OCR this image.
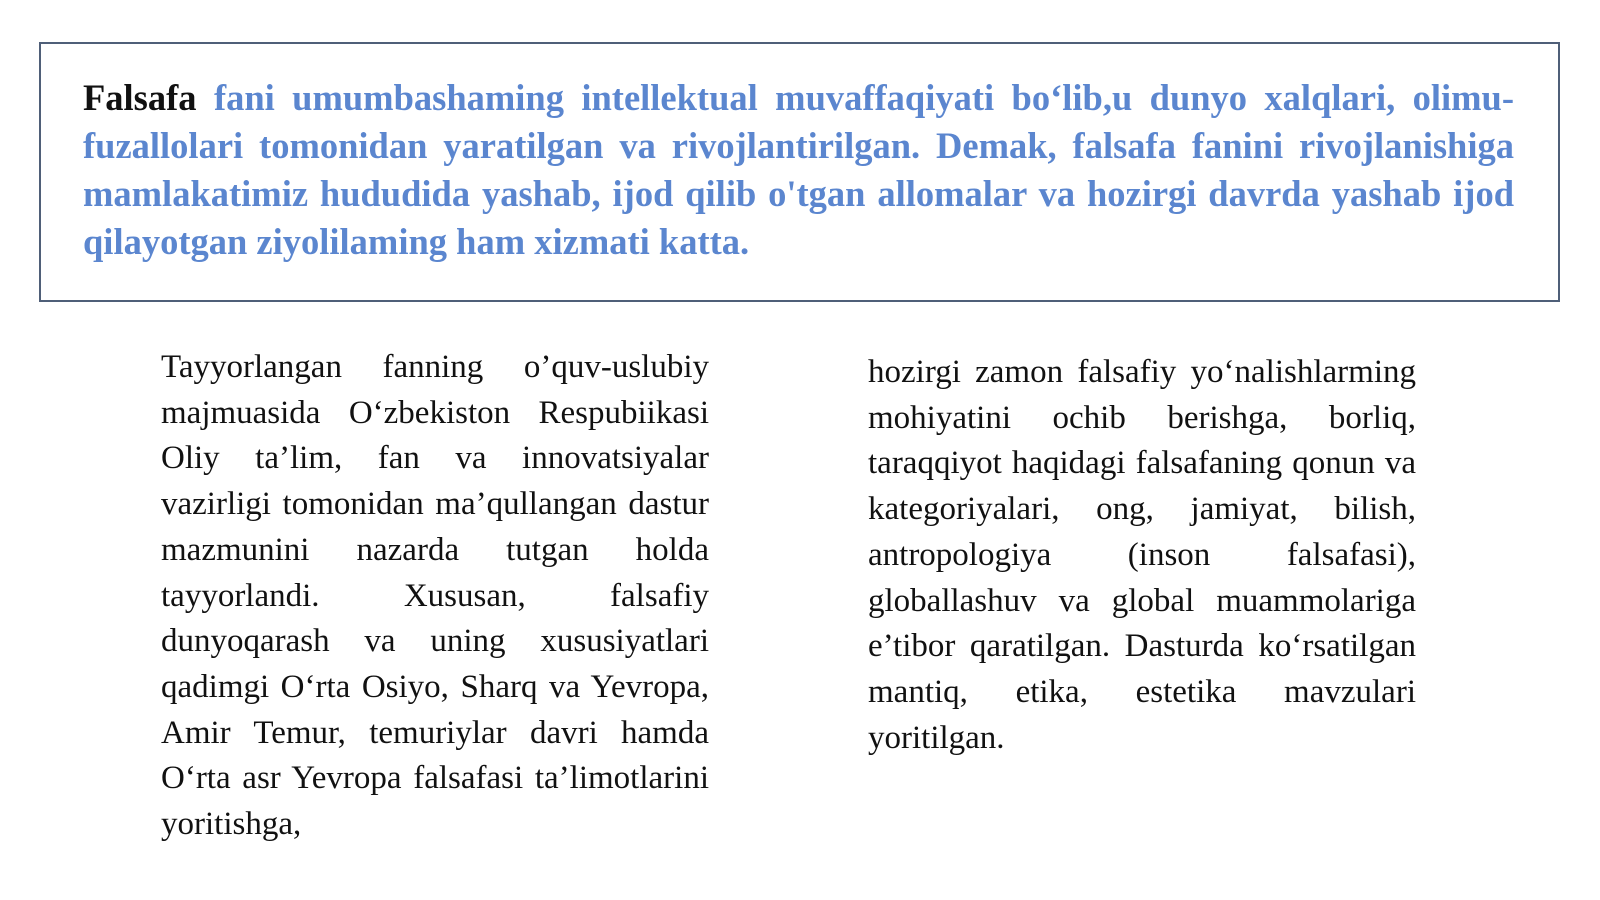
Falsafa fani umumbashaming intellektual muvaffaqiyati bo‘lib,u dunyo xalqlari, olimu-fuzallolari tomonidan yaratilgan va rivojlantirilgan. Demak, falsafa fanini rivojlanishiga mamlakatimiz hududida yashab, ijod qilib o'tgan allomalar va hozirgi davrda yashab ijod qilayotgan ziyolilaming ham xizmati katta.

Tayyorlangan fanning o’quv-uslubiy majmuasida O‘zbekiston Respubiikasi Oliy ta’lim, fan va innovatsiyalar vazirligi tomonidan ma’qullangan dastur mazmunini nazarda tutgan holda tayyorlandi. Xususan, falsafiy dunyoqarash va uning xususiyatlari qadimgi O‘rta Osiyo, Sharq va Yevropa, Amir Temur, temuriylar davri hamda O‘rta asr Yevropa falsafasi ta’limotlarini yoritishga,

hozirgi zamon falsafiy yo‘nalishlarming mohiyatini ochib berishga, borliq, taraqqiyot haqidagi falsafaning qonun va kategoriyalari, ong, jamiyat, bilish, antropologiya (inson falsafasi), globallashuv va global muammolariga e’tibor qaratilgan. Dasturda ko‘rsatilgan mantiq, etika, estetika mavzulari yoritilgan.
